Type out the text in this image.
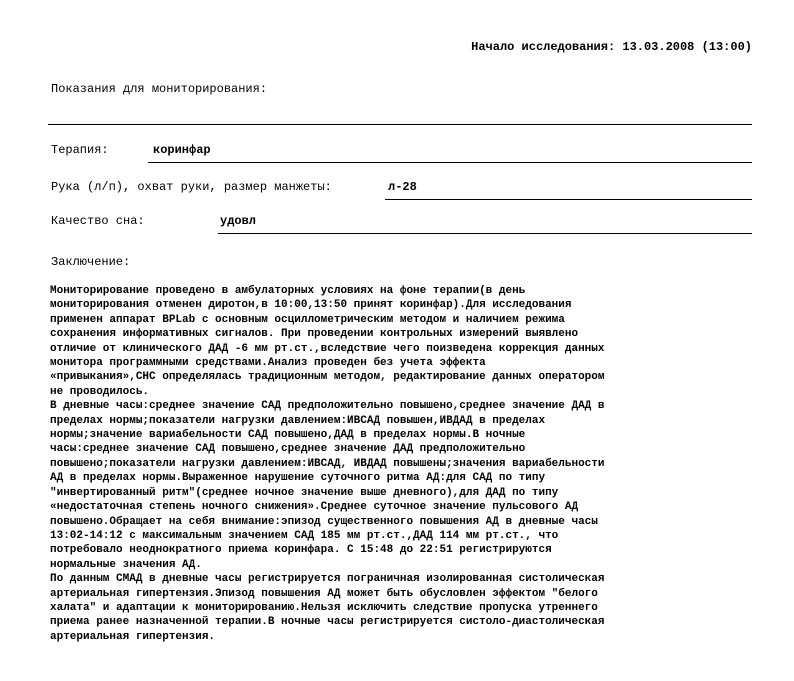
Начало исследования: 13.03.2008 (13:00)
Показания для мониторирования:
Терапия:	коринфар
Рука (л/п), охват руки, размер манжеты:	л-28
Качество сна:	удовл
Заключение:

Мониторирование проведено в амбулаторных условиях на фоне терапии(в день
мониторирования отменен диротон,в 10:00,13:50 принят коринфар).Для исследования
применен аппарат BPLab с основным осциллометрическим методом и наличием режима
сохранения информативных сигналов. При проведении контрольных измерений выявлено
отличие от клинического ДАД -6 мм рт.ст.,вследствие чего поизведена коррекция данных
монитора программными средствами.Анализ проведен без учета эффекта
«привыкания»,СНС определялась традиционным методом, редактирование данных оператором
не проводилось.

В дневные часы:среднее значение САД предположительно повышено,среднее значение ДАД в
пределах нормы;показатели нагрузки давлением:ИВСАД повышен,ИВДАД в пределах
нормы;значение вариабельности САД повышено,ДАД в пределах нормы.В ночные
часы:среднее значение САД повышено,среднее значение ДАД предположительно
повышено;показатели нагрузки давлением:ИВСАД, ИВДАД повышены;значения вариабельности
АД в пределах нормы.Выраженное нарушение суточного ритма АД:для САД по типу
"инвертированный ритм"(среднее ночное значение выше дневного),для ДАД по типу
«недостаточная степень ночного снижения».Среднее суточное значение пульсового АД
повышено.Обращает на себя внимание:эпизод существенного повышения АД в дневные часы
13:02-14:12 с максимальным значением САД 185 мм рт.ст.,ДАД 114 мм рт.ст., что
потребовало неоднократного приема коринфара. С 15:48 до 22:51 регистрируются
нормальные значения АД.

По данным СМАД в дневные часы регистрируется пограничная изолированная систолическая
артериальная гипертензия.Эпизод повышения АД может быть обусловлен эффектом "белого
халата" и адаптации к мониторированию.Нельзя исключить следствие пропуска утреннего
приема ранее назначенной терапии.В ночные часы регистрируется систоло-диастолическая
артериальная гипертензия.
